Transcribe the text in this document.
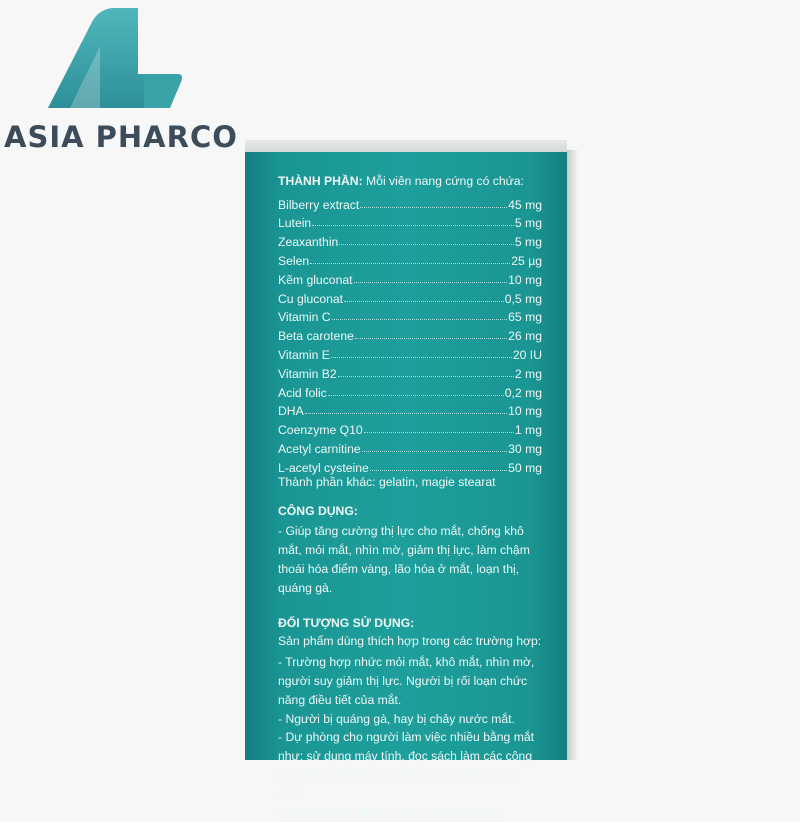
ASIA PHARCO
THÀNH PHẦN: Mỗi viên nang cứng có chứa:
Bilberry extract	45 mg
Lutein	5 mg
Zeaxanthin	5 mg
Selen	25 µg
Kẽm gluconat	10 mg
Cu gluconat	0,5 mg
Vitamin C	65 mg
Beta carotene	26 mg
Vitamin E	20 IU
Vitamin B2	2 mg
Acid folic	0,2 mg
DHA	10 mg
Coenzyme Q10	1 mg
Acetyl carnitine	30 mg
L-acetyl cysteine	50 mg
Thành phần khác: gelatin, magie stearat
CÔNG DỤNG:

- Giúp tăng cường thị lực cho mắt, chống khô mắt, mỏi mắt, nhìn mờ, giảm thị lực, làm chậm thoái hóa điểm vàng, lão hóa ở mắt, loạn thị, quáng gà.

ĐỐI TƯỢNG SỬ DỤNG:
Sản phẩm dùng thích hợp trong các trường hợp:

- Trường hợp nhức mỏi mắt, khô mắt, nhìn mờ, người suy giảm thị lực. Người bị rối loạn chức năng điều tiết của mắt.

- Người bị quáng gà, hay bị chảy nước mắt.

- Dự phòng cho người làm việc nhiều bằng mắt như: sử dụng máy tính, đọc sách làm các công việc cần độ chính xác dẫn đến nhìn mờ, mỏi mắt.

- Người lái xe, nhất là lái xe vào ban đêm.
